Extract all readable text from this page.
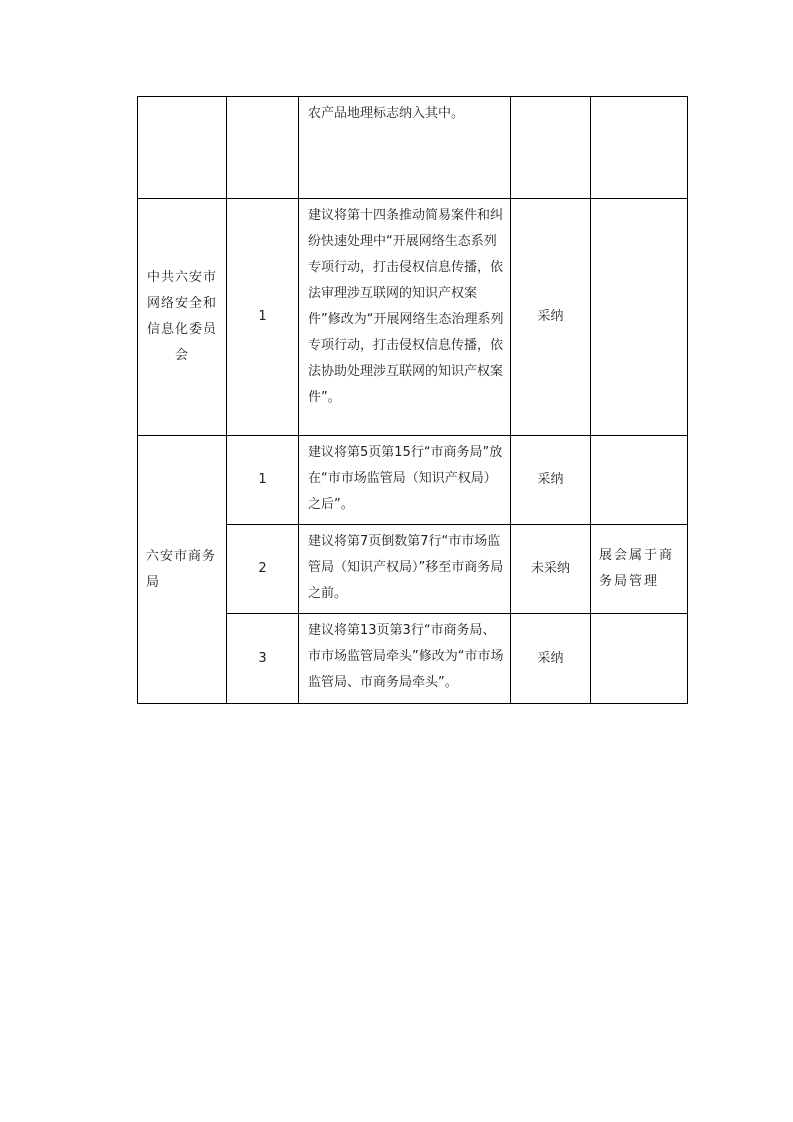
		农产品地理标志纳入其中。		
中共六安市网络安全和信息化委员会	1	建议将第十四条推动简易案件和纠纷快速处理中“开展网络生态系列专项行动，打击侵权信息传播，依法审理涉互联网的知识产权案件”修改为“开展网络生态治理系列专项行动，打击侵权信息传播，依法协助处理涉互联网的知识产权案件”。	采纳	
六安市商务局	1	建议将第5页第15行“市商务局”放在“市市场监管局（知识产权局）之后”。	采纳	
	2	建议将第7页倒数第7行“市市场监管局（知识产权局）”移至市商务局之前。	未采纳	展会属于商务局管理
	3	建议将第13页第3行“市商务局、市市场监管局牵头”修改为“市市场监管局、市商务局牵头”。	采纳	
